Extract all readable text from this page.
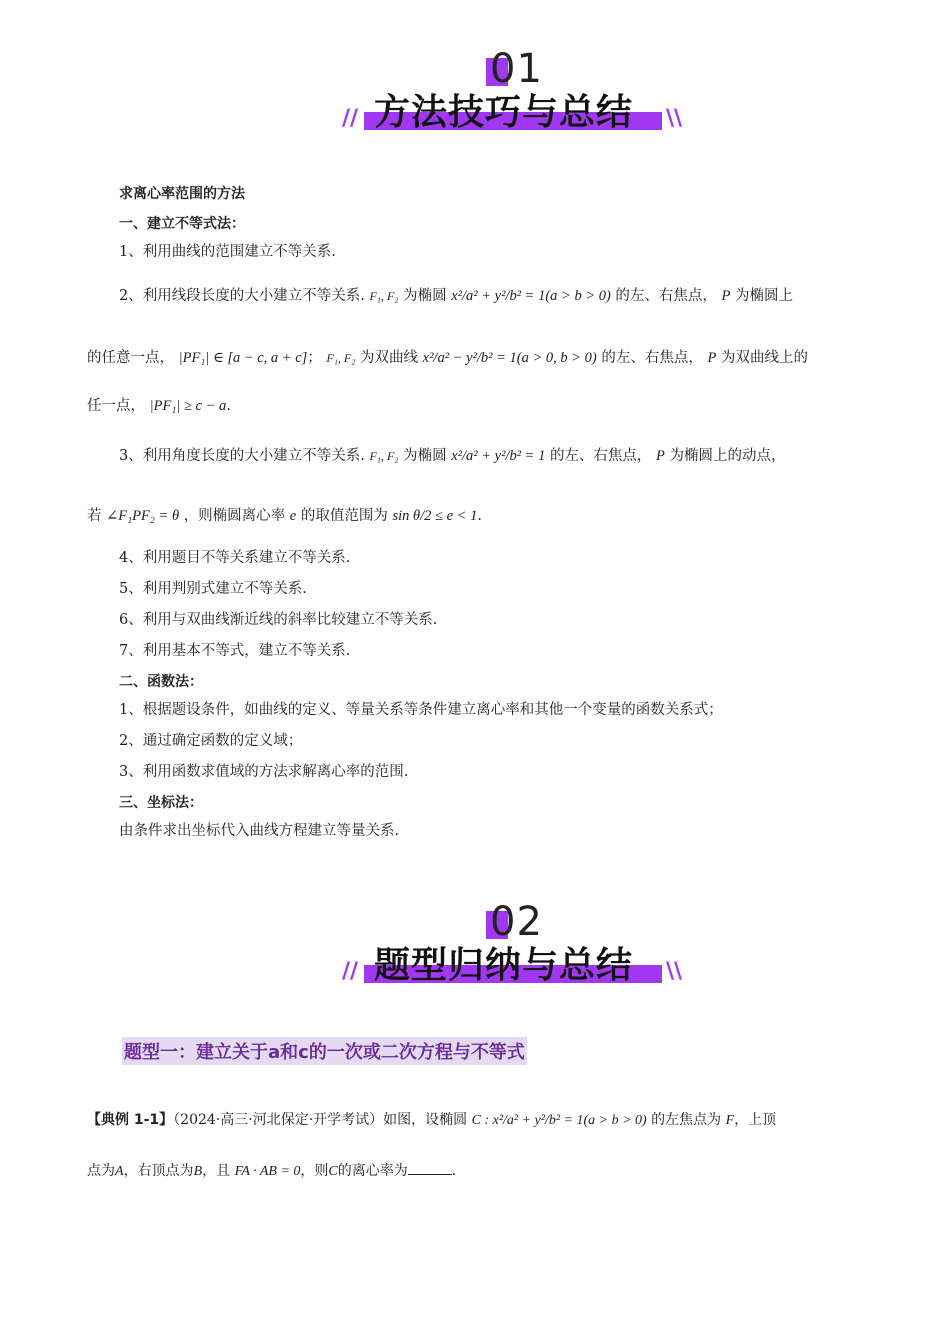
01
方法技巧与总结
//	\\
求离心率范围的方法
一、建立不等式法：
1、利用曲线的范围建立不等关系.
2、利用线段长度的大小建立不等关系. F₁, F₂ 为椭圆 x²/a² + y²/b² = 1(a > b > 0) 的左、右焦点， P 为椭圆上
的任意一点， |PF₁| ∈ [a − c, a + c]； F₁, F₂ 为双曲线 x²/a² − y²/b² = 1(a > 0, b > 0) 的左、右焦点， P 为双曲线上的
任一点， |PF₁| ≥ c − a.
3、利用角度长度的大小建立不等关系. F₁, F₂ 为椭圆 x²/a² + y²/b² = 1 的左、右焦点， P 为椭圆上的动点，
若 ∠F₁PF₂ = θ ，则椭圆离心率 e 的取值范围为 sin θ/2 ≤ e < 1.
4、利用题目不等关系建立不等关系.
5、利用判别式建立不等关系.
6、利用与双曲线渐近线的斜率比较建立不等关系.
7、利用基本不等式，建立不等关系.
二、函数法：
1、根据题设条件，如曲线的定义、等量关系等条件建立离心率和其他一个变量的函数关系式；
2、通过确定函数的定义域；
3、利用函数求值域的方法求解离心率的范围.
三、坐标法：
由条件求出坐标代入曲线方程建立等量关系.
02
题型归纳与总结
//	\\
题型一：建立关于a和c的一次或二次方程与不等式
【典例 1-1】（2024·高三·河北保定·开学考试）如图，设椭圆 C : x²/a² + y²/b² = 1(a > b > 0) 的左焦点为 F，上顶
点为A，右顶点为B，且 FA · AB = 0，则C的离心率为	.
